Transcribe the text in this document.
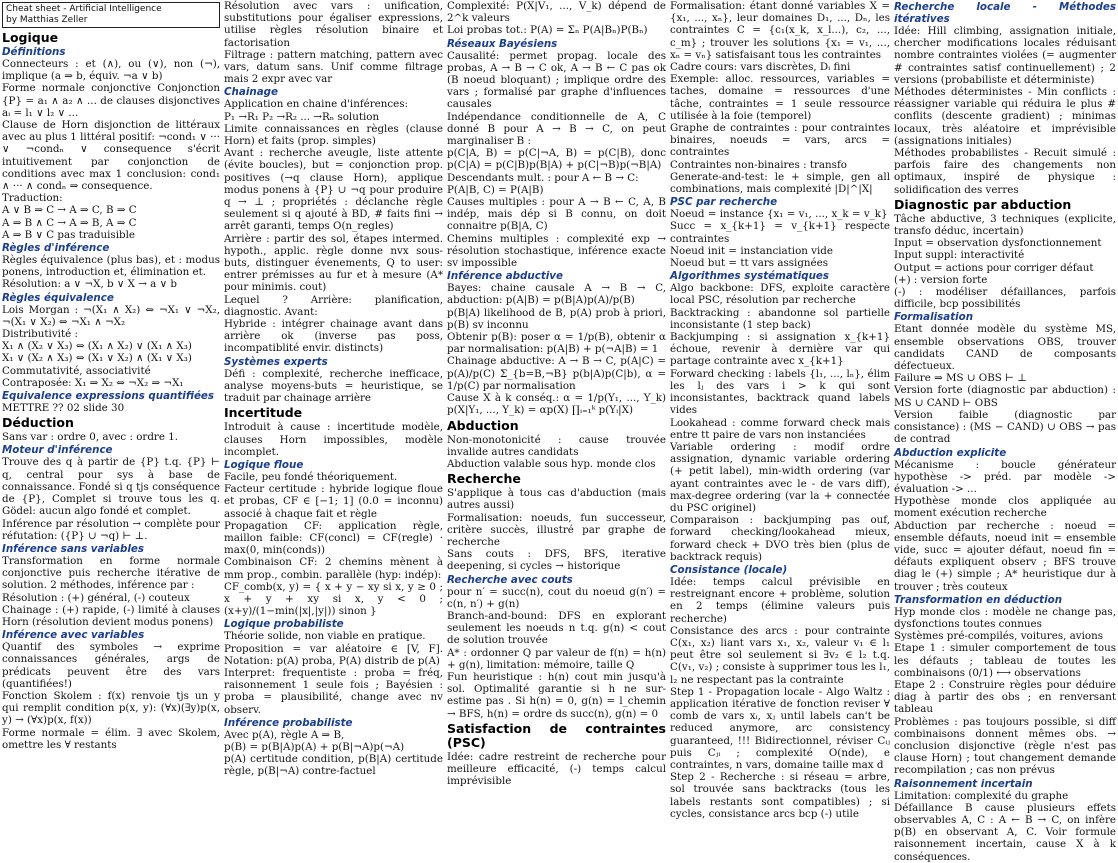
Cheat sheet - Artificial Intelligence
by Matthias Zeller
Logique
Définitions
Connecteurs : et (∧), ou (∨), non (¬), implique (a ⇒ b, équiv. ¬a ∨ b)
Forme normale conjonctive Conjonction {P} = a₁ ∧ a₂ ∧ ... de clauses disjonctives aᵢ = l₁ ∨ l₂ ∨ ...
Clause de Horn disjonction de littéraux avec au plus 1 littéral positif: ¬cond₁ ∨ ··· ∨ ¬condₙ ∨ consequence s'écrit intuitivement par conjonction de conditions avec max 1 conclusion: cond₁ ∧ ··· ∧ condₙ ⇒ consequence.
Traduction:
A ∨ B ⇒ C → A ⇒ C, B ⇒ C
A ⇒ B ∧ C → A ⇒ B, A ⇒ C
A ⇒ B ∨ C pas traduisible
Règles d'inférence
Règles équivalence (plus bas), et : modus ponens, introduction et, élimination et.
Résolution: a ∨ ¬X, b ∨ X → a ∨ b
Règles équivalence
Lois Morgan : ¬(X₁ ∧ X₂) ⇔ ¬X₁ ∨ ¬X₂, ¬(X₁ ∨ X₂) ⇔ ¬X₁ ∧ ¬X₂
Distributivité :
X₁ ∧ (X₂ ∨ X₃) ⇔ (X₁ ∧ X₂) ∨ (X₁ ∧ X₃)
X₁ ∨ (X₂ ∧ X₃) ⇔ (X₁ ∨ X₂) ∧ (X₁ ∨ X₃)
Commutativité, associativité
Contraposée: X₁ ⇒ X₂ ⇔ ¬X₂ ⇒ ¬X₁
Equivalence expressions quantifiées
METTRE ?? 02 slide 30
Déduction
Sans var : ordre 0, avec : ordre 1.
Moteur d'inférence
Trouve des q à partir de {P} t.q. {P} ⊢ q, central pour sys à base de connaissance. Fondé si q tjs conséquence de {P}, Complet si trouve tous les q. Gödel: aucun algo fondé et complet.
Inférence par résolution → complète pour réfutation: ({P} ∪ ¬q) ⊢ ⊥.
Inférence sans variables
Transformation en forme normale conjonctive puis recherche itérative de solution. 2 méthodes, inférence par :
Résolution : (+) général, (-) couteux
Chainage : (+) rapide, (-) limité à clauses Horn (résolution devient modus ponens)
Inférence avec variables
Quantif des symboles → exprime connaissances générales, args de prédicats peuvent être des vars (quantifiées!)
Fonction Skolem : f(x) renvoie tjs un y qui remplit condition p(x, y): (∀x)(∃y)p(x, y) → (∀x)p(x, f(x))
Forme normale = élim. ∃ avec Skolem, omettre les ∀ restants
Résolution avec vars : unification, substitutions pour égaliser expressions, utilise règles résolution binaire et factorisation
Filtrage : pattern matching, pattern avec vars, datum sans. Unif comme filtrage mais 2 expr avec var
Chainage
Application en chaine d'inférences:
P₁ →R₁ P₂ →R₂ ... →Rₙ solution
Limite connaissances en règles (clause Horn) et faits (prop. simples)
Avant : recherche aveugle, liste attente (évite boucles), but = conjonction prop. positives (→q clause Horn), applique modus ponens à {P} ∪ ¬q pour produire q → ⊥ ; propriétés : déclanche règle seulement si q ajouté à BD, # faits fini → arrêt garanti, temps O(n_regles)
Arrière : partir des sol, étapes intermed. hypoth., applic. règle donne nvx sous-buts, distinguer évenements, Q to user: entrer prémisses au fur et à mesure (A* pour minimis. cout)
Lequel ? Arrière: planification, diagnostic. Avant:
Hybride : intégrer chainage avant dans arrière ok (inverse pas poss, incompatiblité envir. distincts)
Systèmes experts
Défi : complexité, recherche inefficace, analyse moyens-buts = heuristique, se traduit par chainage arrière
Incertitude
Introduit à cause : incertitude modèle, clauses Horn impossibles, modèle incomplet.
Logique floue
Facile, peu fondé théoriquement.
Facteur certitude : hybride logique floue et probas, CF ∈ [−1; 1] (0.0 = inconnu) associé à chaque fait et règle
Propagation CF: application règle, maillon faible: CF(concl) = CF(regle) · max(0, min(conds))
Combinaison CF: 2 chemins mènent à mm prop., combin. parallèle (hyp: indép):
CF_comb(x, y) = { x + y − xy si x, y ≥ 0 ; x + y + xy si x, y < 0 ; (x+y)/(1−min(|x|,|y|)) sinon }
Logique probabiliste
Théorie solide, non viable en pratique.
Proposition = var aléatoire ∈ [V, F]. Notation: p(A) proba, P(A) distrib de p(A)
Interpret: frequentiste : proba = fréq, raisonnement 1 seule fois ; Bayésien : proba = plausibilité, change avec nv observ.
Inférence probabiliste
Avec p(A), règle A ⇒ B,
p(B) = p(B|A)p(A) + p(B|¬A)p(¬A)
p(A) certitude condition, p(B|A) certitude règle, p(B|¬A) contre-factuel
Complexité: P(X|V₁, ..., V_k) dépend de 2^k valeurs
Loi probas tot.: P(A) = Σₙ P(A|Bₙ)P(Bₙ)
Réseaux Bayésiens
Causalité: permet propag. locale des probas, A → B → C ok, A → B ← C pas ok (B noeud bloquant) ; implique ordre des vars ; formalisé par graphe d'influences causales
Indépendance conditionnelle de A, C donné B pour A → B → C, on peut marginaliser B :
p(C|A, B) = p(C|¬A, B) = p(C|B), donc p(C|A) = p(C|B)p(B|A) + p(C|¬B)p(¬B|A)
Descendants mult. : pour A ← B → C:
P(A|B, C) = P(A|B)
Causes multiples : pour A → B ← C, A, B indép, mais dép si B connu, on doit connaitre p(B|A, C)
Chemins multiples : complexité exp → résolution stochastique, inférence exacte sv impossible
Inférence abductive
Bayes: chaine causale A → B → C, abduction: p(A|B) = p(B|A)p(A)/p(B)
p(B|A) likelihood de B, p(A) prob à priori, p(B) sv inconnu
Obtenir p(B): poser α = 1/p(B), obtenir α par normalisation: p(A|B) + p(¬A|B) = 1
Chainage abductive: A → B → C, p(A|C) = p(A)/p(C) Σ_{b=B,¬B} p(b|A)p(C|b), α = 1/p(C) par normalisation
Cause X à k conséq.: α = 1/p(Y₁, ..., Y_k) p(X|Y₁, ..., Y_k) = αp(X) ∏ᵢ₌₁ᵏ p(Yᵢ|X)
Abduction
Non-monotonicité : cause trouvée invalide autres candidats
Abduction valable sous hyp. monde clos
Recherche
S'applique à tous cas d'abduction (mais autres aussi)
Formalisation: noeuds, fun successeur, critère succès, illustré par graphe de recherche
Sans couts : DFS, BFS, iterative deepening, si cycles → historique
Recherche avec couts
pour n′ = succ(n), cout du noeud g(n′) = c(n, n′) + g(n)
Branch-and-bound: DFS en explorant seulement les noeuds n t.q. g(n) < cout de solution trouvée
A* : ordonner Q par valeur de f(n) = h(n) + g(n), limitation: mémoire, taille Q
Fun heuristique : h(n) cout min jusqu'à sol. Optimalité garantie si h ne sur-estime pas . Si h(n) = 0, g(n) = l_chemin → BFS, h(n) = ordre ds succ(n), g(n) = 0
Satisfaction de contraintes (PSC)
Idée: cadre restreint de recherche pour meilleure efficacité, (-) temps calcul imprévisible
Formalisation: étant donné variables X = {x₁, ..., xₙ}, leur domaines D₁, ..., Dₙ, les contraintes C = {c₁(x_k, x_l...), c₂, ..., c_m} ; trouver les solutions {x₁ = v₁, ..., xₙ = vₙ} satisfaisant tous les contraintes
Cadre cours: vars discrètes, Dᵢ fini
Exemple: alloc. ressources, variables = taches, domaine = ressources d'une tâche, contraintes = 1 seule ressource utilisée à la foie (temporel)
Graphe de contraintes : pour contraintes binaires, noeuds = vars, arcs = contraintes
Contraintes non-binaires : transfo
Generate-and-test: le + simple, gen all combinations, mais complexité |D|^|X|
PSC par recherche
Noeud = instance {x₁ = v₁, ..., x_k = v_k}
Succ = x_{k+1} = v_{k+1} respecte contraintes
Noeud init = instanciation vide
Noeud but = tt vars assignées
Algorithmes systématiques
Algo backbone: DFS, exploite caractère local PSC, résolution par recherche
Backtracking : abandonne sol partielle inconsistante (1 step back)
Backjumping : si assignation x_{k+1} échoue, revenir à dernière var qui partage contrainte avec x_{k+1}
Forward checking : labels {l₁, ..., lₙ}, élim les lⱼ des vars i > k qui sont inconsistantes, backtrack quand labels vides
Lookahead : comme forward check mais entre tt paire de vars non instanciées
Variable ordering : modif ordre assignation, dynamic variable ordering (+ petit label), min-width ordering (var ayant contraintes avec le - de vars diff), max-degree ordering (var la + connectée du PSC originel)
Comparaison : backjumping pas ouf, forward checking/lookahead mieux, forward check + DVO très bien (plus de backtrack requis)
Consistance (locale)
Idée: temps calcul prévisible en restreignant encore + problème, solution en 2 temps (élimine valeurs puis recherche)
Consistance des arcs : pour contrainte C(x₁, x₂) liant vars x₁, x₂, valeur v₁ ∈ l₁ peut être sol seulement si ∃v₂ ∈ l₂ t.q. C(v₁, v₂) ; consiste à supprimer tous les l₁, l₂ ne respectant pas la contrainte
Step 1 - Propagation locale - Algo Waltz : application itérative de fonction reviser ∀ comb de vars xᵢ, xⱼ until labels can't be reduced anymore, arc consistency guaranteed, !!! Bidirectionnel, réviser Cᵢⱼ puis Cⱼᵢ ; complexité O(nde), e contraintes, n vars, domaine taille max d
Step 2 - Recherche : si réseau = arbre, sol trouvée sans backtracks (tous les labels restants sont compatibles) ; si cycles, consistance arcs bcp (-) utile
Recherche locale - Méthodes itératives
Idée: Hill climbing, assignation initiale, chercher modifications locales réduisant nombre contraintes violées (= augmenter # contraintes satisf continuellement) ; 2 versions (probabiliste et déterministe)
Méthodes déterministes - Min conflicts : réassigner variable qui réduira le plus # conflits (descente gradient) ; minimas locaux, très aléatoire et imprévisible (assignations initiales)
Méthodes probabilistes - Recuit simulé : parfois faire des changements non optimaux, inspiré de physique : solidification des verres
Diagnostic par abduction
Tâche abductive, 3 techniques (explicite, transfo déduc, incertain)
Input = observation dysfonctionnement
Input suppl: interactivité
Output = actions pour corriger défaut
(+) : version forte
(-) : modéliser défaillances, parfois difficile, bcp possibilités
Formalisation
Etant donnée modèle du système MS, ensemble observations OBS, trouver candidats CAND de composants défectueux.
Failure ⇒ MS ∪ OBS ⊢ ⊥
Version forte (diagnostic par abduction) : MS ∪ CAND ⊢ OBS
Version faible (diagnostic par consistance) : (MS − CAND) ∪ OBS → pas de contrad
Abduction explicite
Mécanisme : boucle générateur hypothèse -> préd. par modèle -> évaluation -> ...
Hypothèse monde clos appliquée au moment exécution recherche
Abduction par recherche : noeud = ensemble défauts, noeud init = ensemble vide, succ = ajouter défaut, noeud fin = défauts expliquent observ ; BFS trouve diag le (+) simple ; A* heuristique dur à trouver ; très couteux
Transformation en déduction
Hyp monde clos : modèle ne change pas, dysfonctions toutes connues
Systèmes pré-compilés, voitures, avions
Etape 1 : simuler comportement de tous les défauts ; tableau de toutes les combinaisons (0/1) ⟷ observations
Etape 2 : Construire règles pour déduire diag à partir des obs ; en renversant tableau
Problèmes : pas toujours possible, si diff combinaisons donnent mêmes obs. → conclusion disjonctive (règle n'est pas clause Horn) ; tout changement demande recompilation ; cas non prévus
Raisonnement incertain
Limitation: complexité du graphe
Défaillance B cause plusieurs effets observables A, C : A ← B → C, on infère p(B) en observant A, C. Voir formule raisonnement incertain, cause X à k conséquences.
